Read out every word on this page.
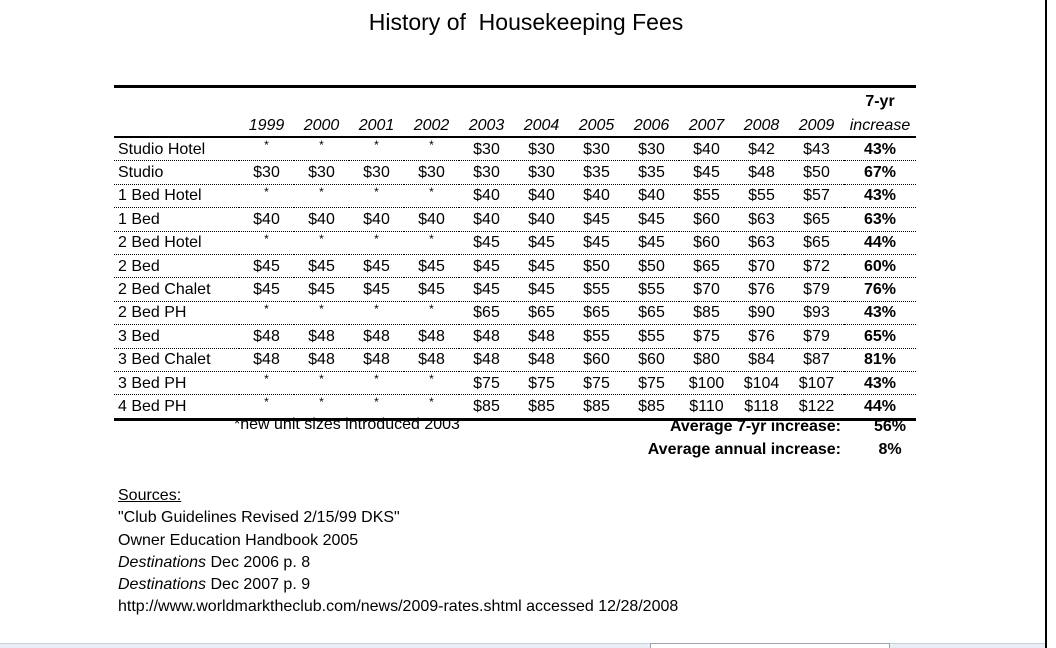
History of  Housekeeping Fees
												7-yr
	1999	2000	2001	2002	2003	2004	2005	2006	2007	2008	2009	increase
Studio Hotel	*	*	*	*	$30	$30	$30	$30	$40	$42	$43	43%
Studio	$30	$30	$30	$30	$30	$30	$35	$35	$45	$48	$50	67%
1 Bed Hotel	*	*	*	*	$40	$40	$40	$40	$55	$55	$57	43%
1 Bed	$40	$40	$40	$40	$40	$40	$45	$45	$60	$63	$65	63%
2 Bed Hotel	*	*	*	*	$45	$45	$45	$45	$60	$63	$65	44%
2 Bed	$45	$45	$45	$45	$45	$45	$50	$50	$65	$70	$72	60%
2 Bed Chalet	$45	$45	$45	$45	$45	$45	$55	$55	$70	$76	$79	76%
2 Bed PH	*	*	*	*	$65	$65	$65	$65	$85	$90	$93	43%
3 Bed	$48	$48	$48	$48	$48	$48	$55	$55	$75	$76	$79	65%
3 Bed Chalet	$48	$48	$48	$48	$48	$48	$60	$60	$80	$84	$87	81%
3 Bed PH	*	*	*	*	$75	$75	$75	$75	$100	$104	$107	43%
4 Bed PH	*	*	*	*	$85	$85	$85	$85	$110	$118	$122	44%
*new unit sizes introduced 2003	Average 7-yr increase:	56%
Average annual increase:	8%
Sources:
"Club Guidelines Revised 2/15/99 DKS"
Owner Education Handbook 2005
Destinations Dec 2006 p. 8
Destinations Dec 2007 p. 9
http://www.worldmarktheclub.com/news/2009-rates.shtml accessed 12/28/2008
